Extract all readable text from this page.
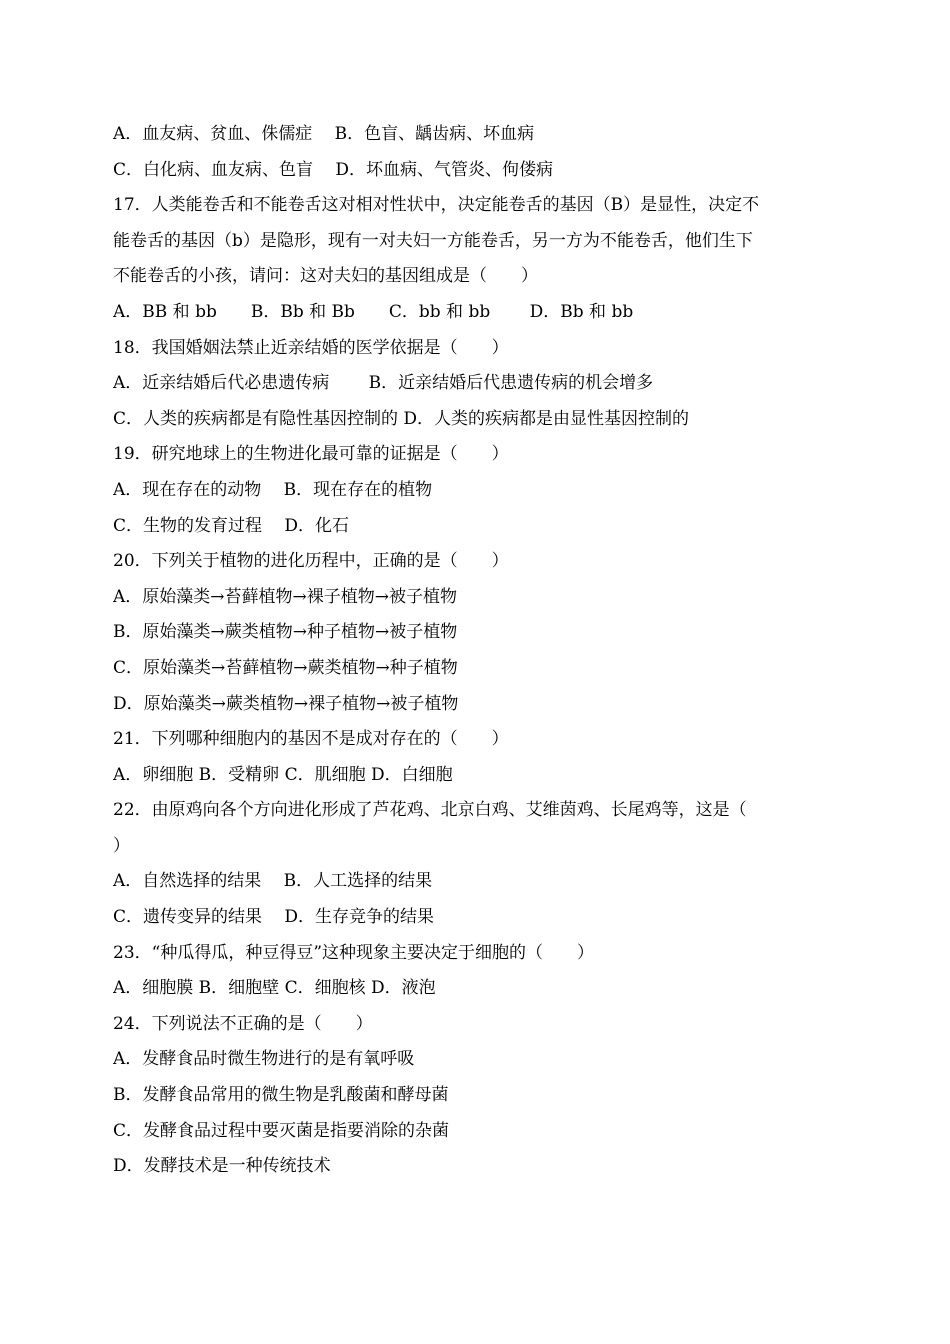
A．血友病、贫血、侏儒症　 B．色盲、龋齿病、坏血病
C．白化病、血友病、色盲 　D．坏血病、气管炎、佝偻病
17．人类能卷舌和不能卷舌这对相对性状中，决定能卷舌的基因（B）是显性，决定不
能卷舌的基因（b）是隐形，现有一对夫妇一方能卷舌，另一方为不能卷舌，他们生下
不能卷舌的小孩，请问：这对夫妇的基因组成是（　　）
A．BB 和 bb　　B．Bb 和 Bb　　C．bb 和 bb　　 D．Bb 和 bb
18．我国婚姻法禁止近亲结婚的医学依据是（　　）
A．近亲结婚后代必患遗传病　　 B．近亲结婚后代患遗传病的机会增多
C．人类的疾病都是有隐性基因控制的 D．人类的疾病都是由显性基因控制的
19．研究地球上的生物进化最可靠的证据是（　　）
A．现在存在的动物　 B．现在存在的植物
C．生物的发育过程　 D．化石
20．下列关于植物的进化历程中，正确的是（　　）
A．原始藻类→苔藓植物→裸子植物→被子植物
B．原始藻类→蕨类植物→种子植物→被子植物
C．原始藻类→苔藓植物→蕨类植物→种子植物
D．原始藻类→蕨类植物→裸子植物→被子植物
21．下列哪种细胞内的基因不是成对存在的（　　）
A．卵细胞 B．受精卵 C．肌细胞 D．白细胞
22．由原鸡向各个方向进化形成了芦花鸡、北京白鸡、艾维茵鸡、长尾鸡等，这是（
）
A．自然选择的结果　 B．人工选择的结果
C．遗传变异的结果　 D．生存竞争的结果
23．“种瓜得瓜，种豆得豆”这种现象主要决定于细胞的（　　）
A．细胞膜 B．细胞壁 C．细胞核 D．液泡
24．下列说法不正确的是（　　）
A．发酵食品时微生物进行的是有氧呼吸
B．发酵食品常用的微生物是乳酸菌和酵母菌
C．发酵食品过程中要灭菌是指要消除的杂菌
D．发酵技术是一种传统技术
